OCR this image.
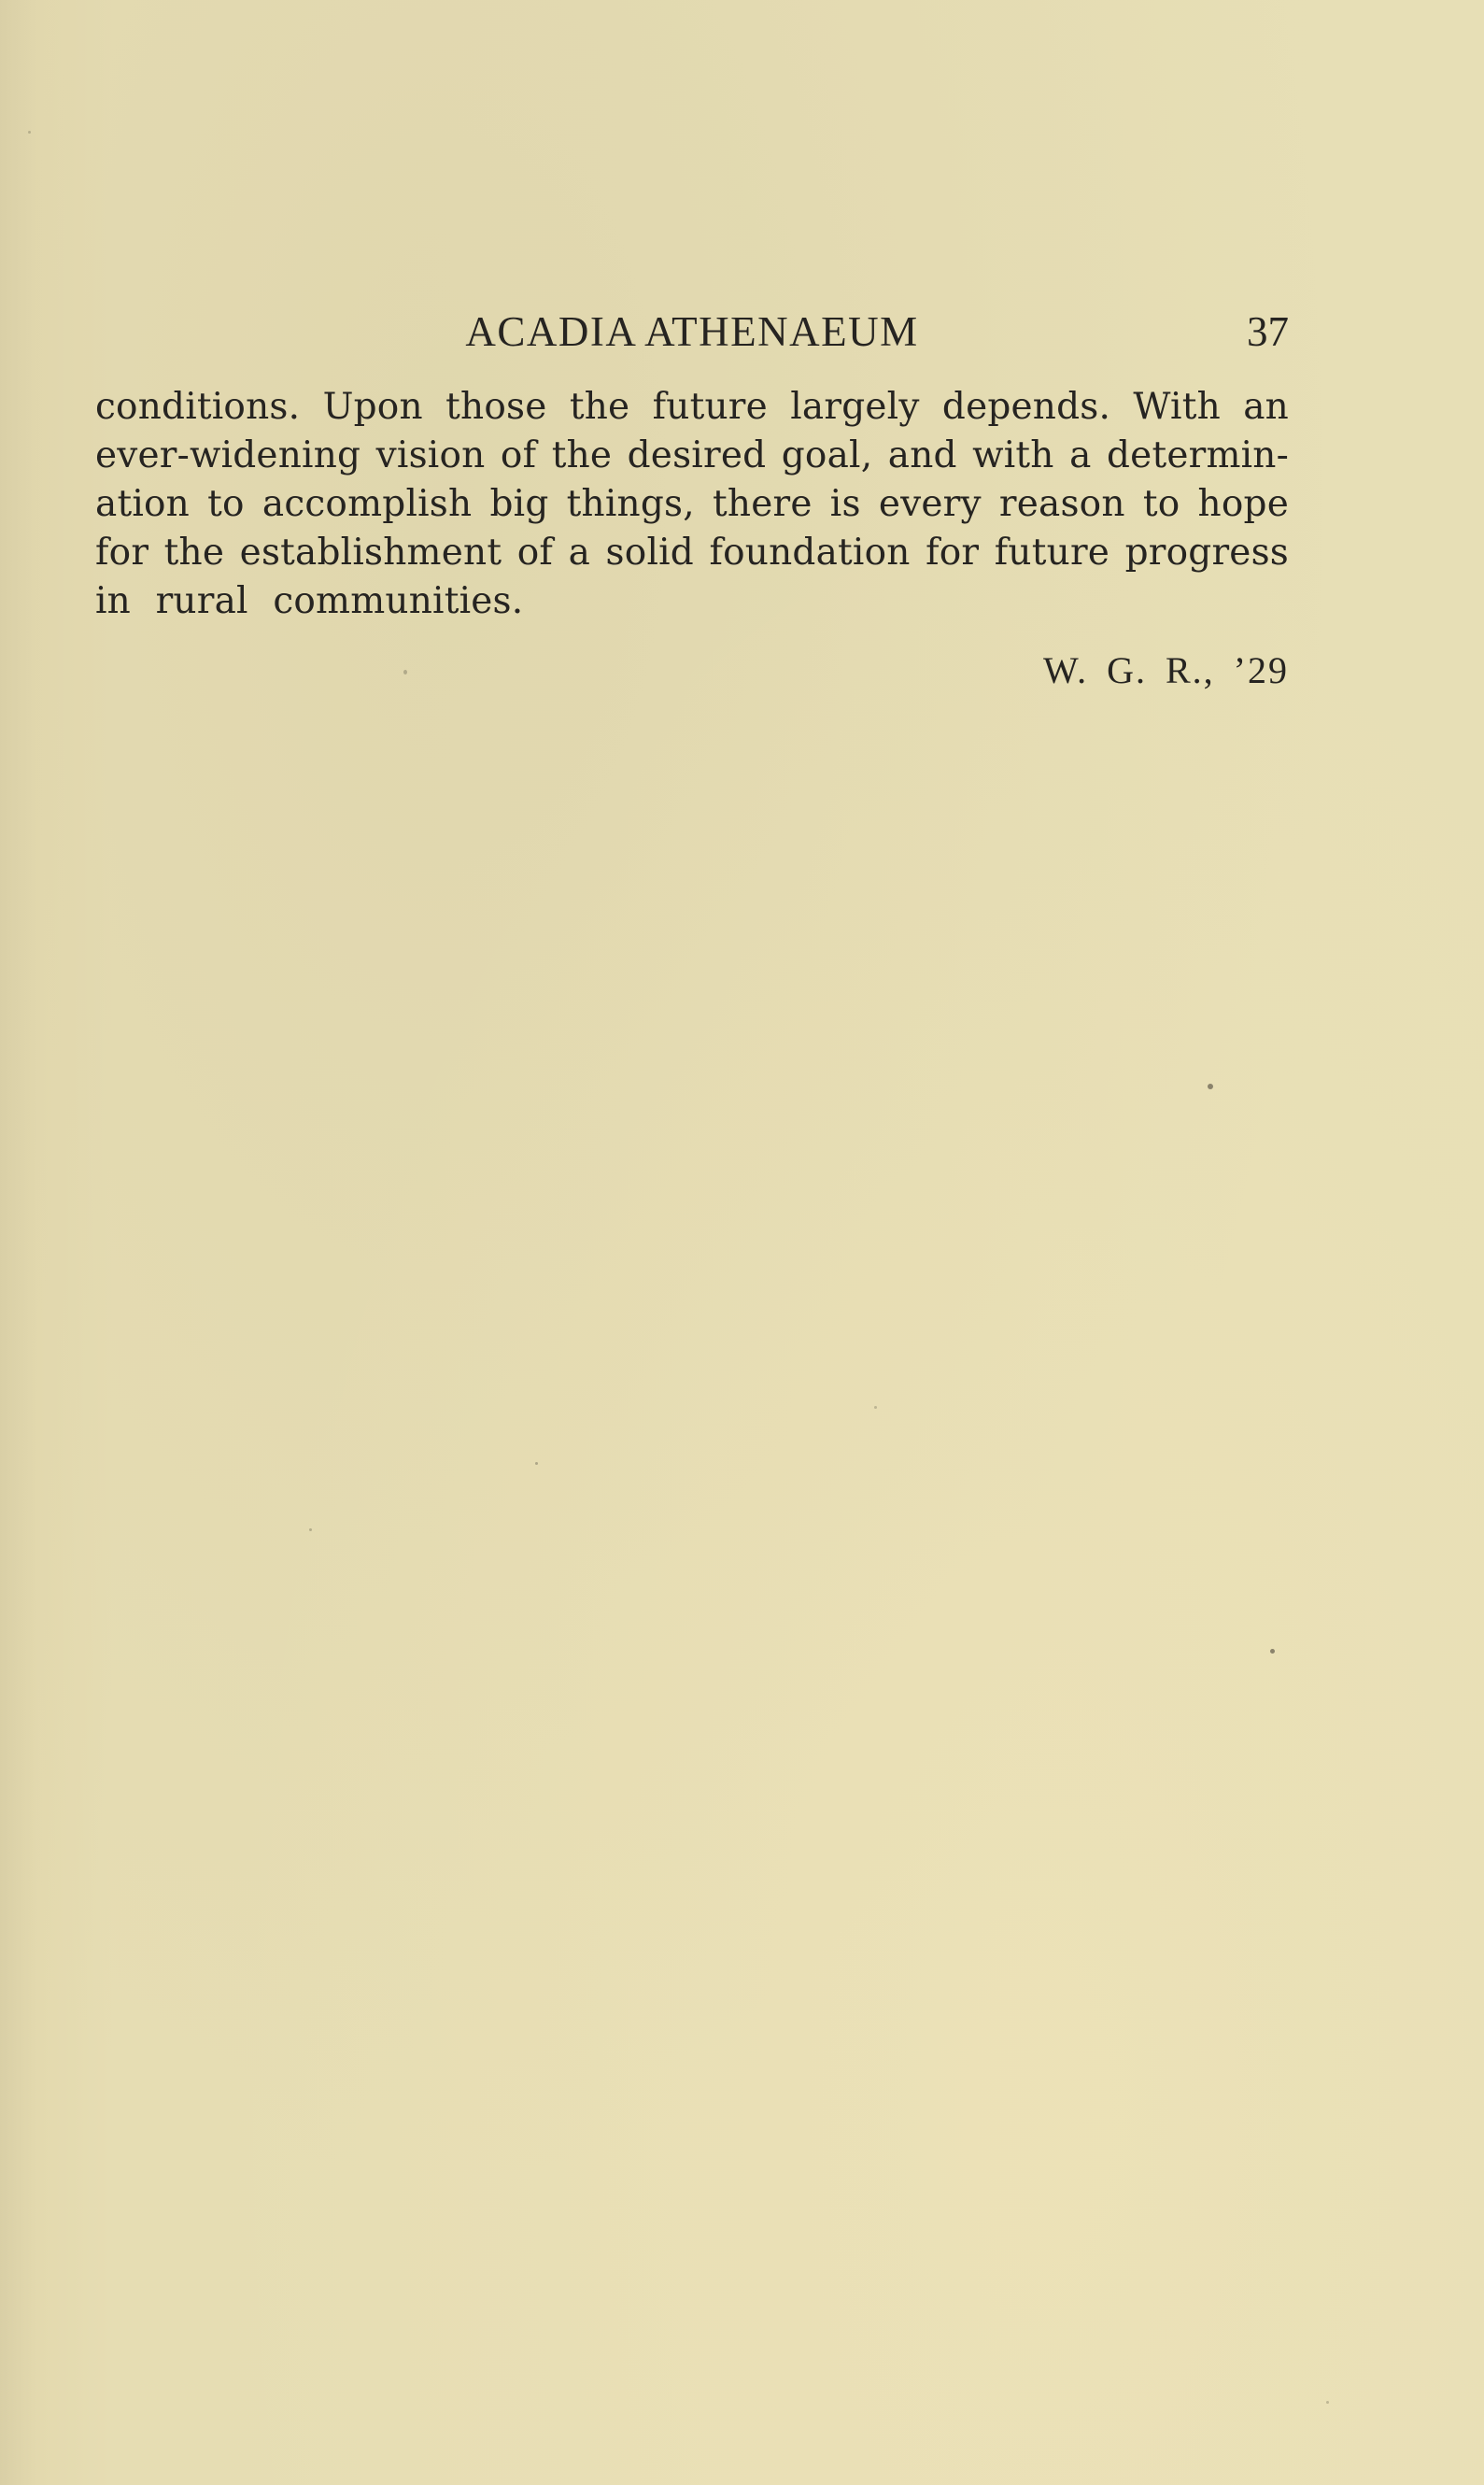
ACADIA ATHENAEUM	37
conditions. Upon those the future largely depends. With an
ever-widening vision of the desired goal, and with a determin-
ation to accomplish big things, there is every reason to hope
for the establishment of a solid foundation for future progress
in rural communities.
W. G. R., ’29
